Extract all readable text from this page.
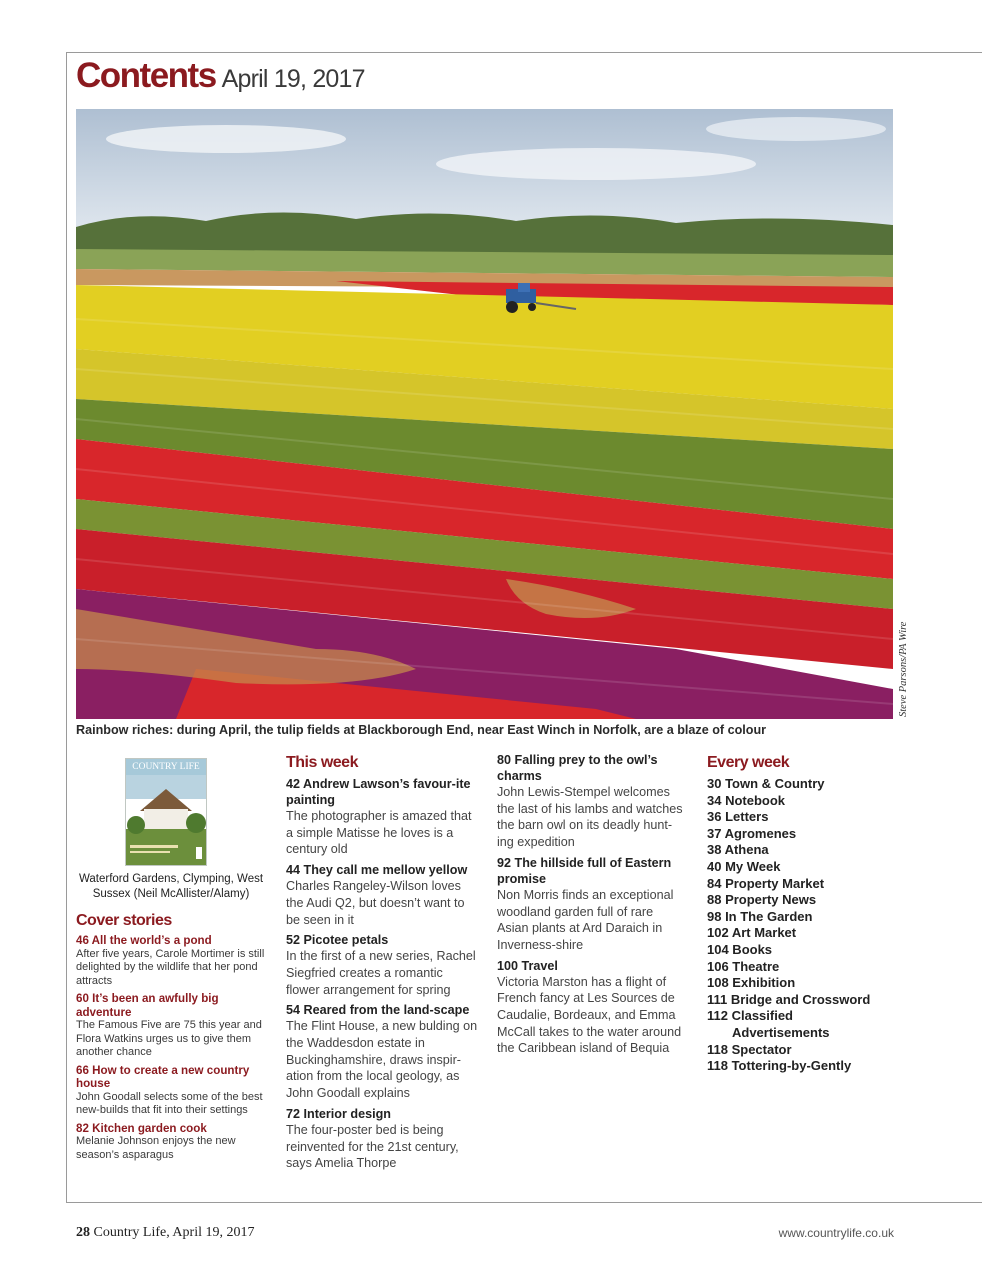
Contents April 19, 2017
Steve Parsons/PA Wire
Rainbow riches: during April, the tulip fields at Blackborough End, near East Winch in Norfolk, are a blaze of colour
COUNTRY LIFE
Waterford Gardens, Clymping, West Sussex (Neil McAllister/Alamy)
Cover stories
46 All the world’s a pond
After five years, Carole Mortimer is still delighted by the wildlife that her pond attracts
60 It’s been an awfully big adventure
The Famous Five are 75 this year and Flora Watkins urges us to give them another chance
66 How to create a new country house
John Goodall selects some of the best new-builds that fit into their settings
82 Kitchen garden cook
Melanie Johnson enjoys the new season’s asparagus
This week
42 Andrew Lawson’s favour-ite painting
The photographer is amazed that a simple Matisse he loves is a century old
44 They call me mellow yellow
Charles Rangeley-Wilson loves the Audi Q2, but doesn’t want to be seen in it
52 Picotee petals
In the first of a new series, Rachel Siegfried creates a romantic flower arrangement for spring
54 Reared from the land-scape
The Flint House, a new bulding on the Waddesdon estate in Buckinghamshire, draws inspir-ation from the local geology, as John Goodall explains
72 Interior design
The four-poster bed is being reinvented for the 21st century, says Amelia Thorpe
80 Falling prey to the owl’s charms
John Lewis-Stempel welcomes the last of his lambs and watches the barn owl on its deadly hunt-ing expedition
92 The hillside full of Eastern promise
Non Morris finds an exceptional woodland garden full of rare Asian plants at Ard Daraich in Inverness-shire
100 Travel
Victoria Marston has a flight of French fancy at Les Sources de Caudalie, Bordeaux, and Emma McCall takes to the water around the Caribbean island of Bequia
Every week
30 Town & Country
34 Notebook
36 Letters
37 Agromenes
38 Athena
40 My Week
84 Property Market
88 Property News
98 In The Garden
102 Art Market
104 Books
106 Theatre
108 Exhibition
111 Bridge and Crossword
112 Classified
Advertisements
118 Spectator
118 Tottering-by-Gently
28 Country Life, April 19, 2017	www.countrylife.co.uk
